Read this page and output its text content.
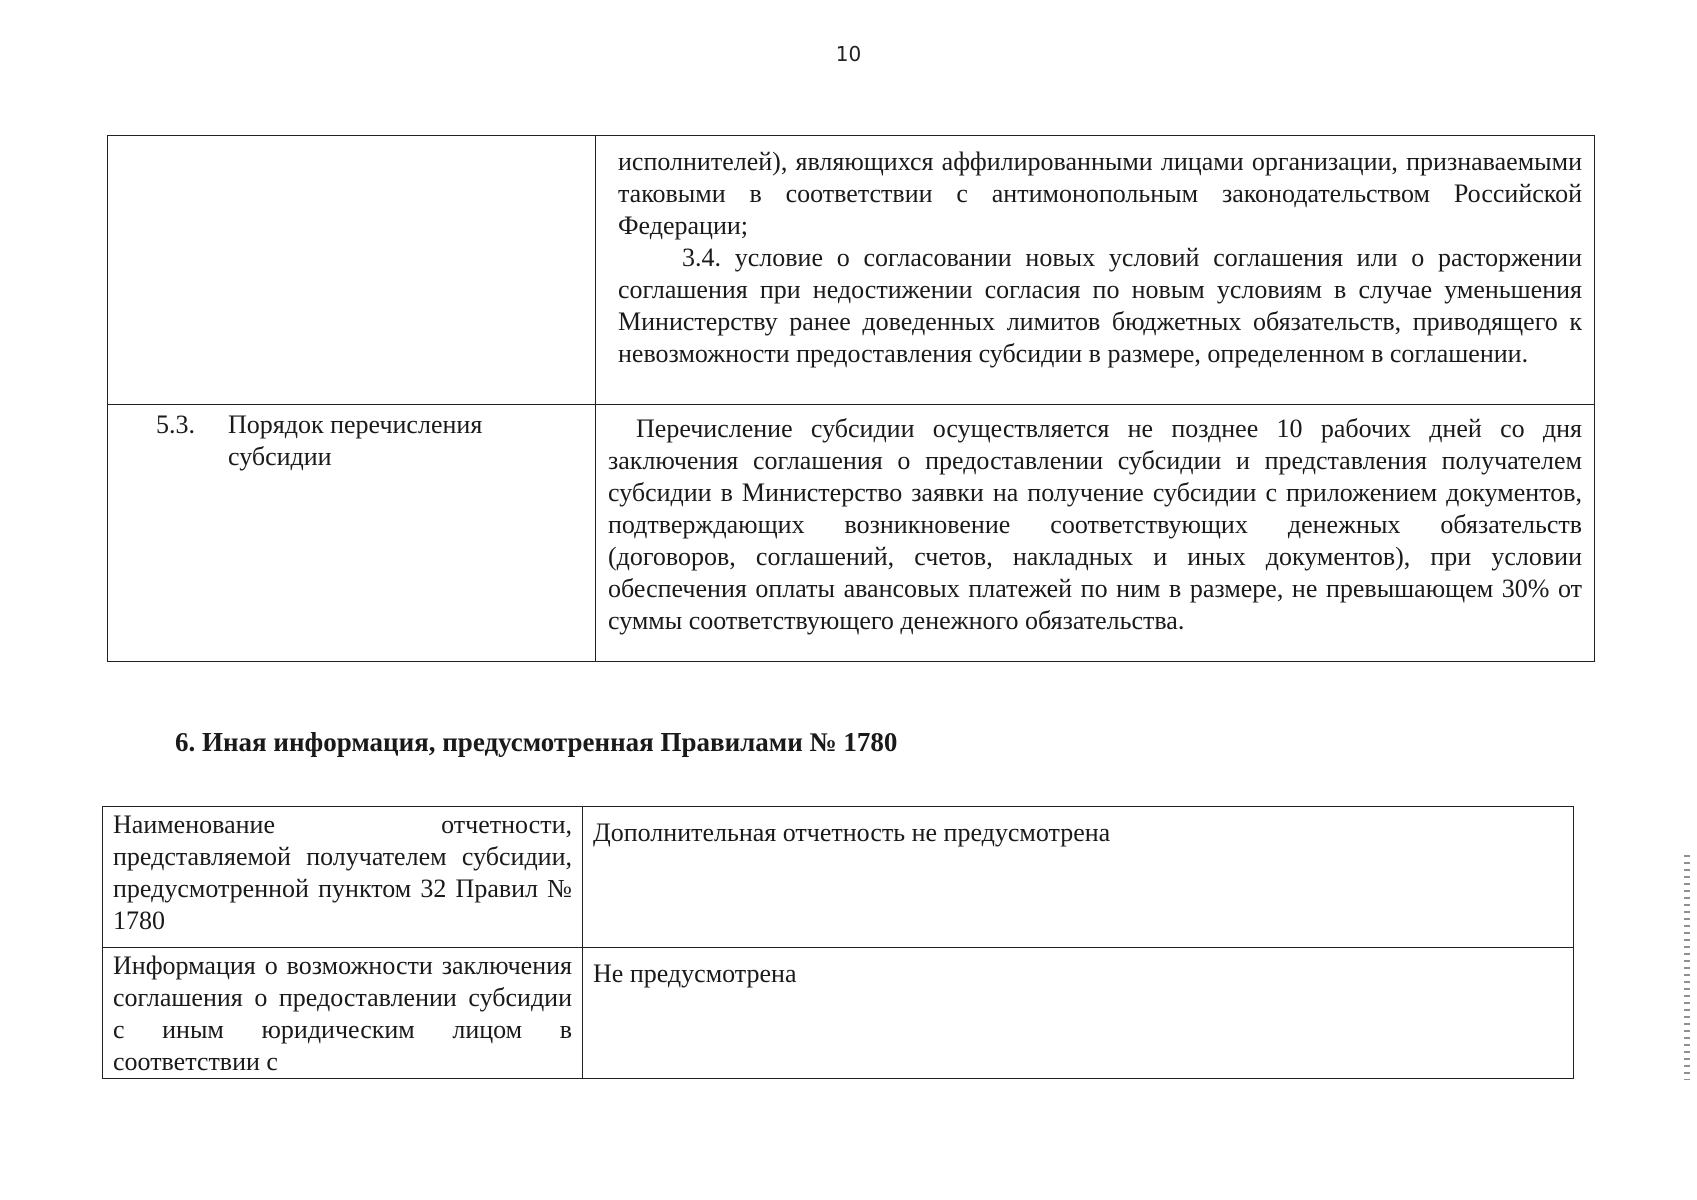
10

	исполнителей), являющихся аффилированными лицами организации, признаваемыми таковыми в соответствии с антимонопольным законодательством Российской Федерации;

3.4. условие о согласовании новых условий соглашения или о расторжении соглашения при недостижении согласия по новым условиям в случае уменьшения Министерству ранее доведенных лимитов бюджетных обязательств, приводящего к невозможности предоставления субсидии в размере, определенном в соглашении.

5.3. Порядок перечисления субсидии	Перечисление субсидии осуществляется не позднее 10 рабочих дней со дня заключения соглашения о предоставлении субсидии и представления получателем субсидии в Министерство заявки на получение субсидии с приложением документов, подтверждающих возникновение соответствующих денежных обязательств (договоров, соглашений, счетов, накладных и иных документов), при условии обеспечения оплаты авансовых платежей по ним в размере, не превышающем 30% от суммы соответствующего денежного обязательства.

6. Иная информация, предусмотренная Правилами № 1780

Наименование отчетности, представляемой получателем субсидии, предусмотренной пунктом 32 Правил № 1780	Дополнительная отчетность не предусмотрена

Информация о возможности заключения соглашения о предоставлении субсидии с иным юридическим лицом в соответствии с	Не предусмотрена
